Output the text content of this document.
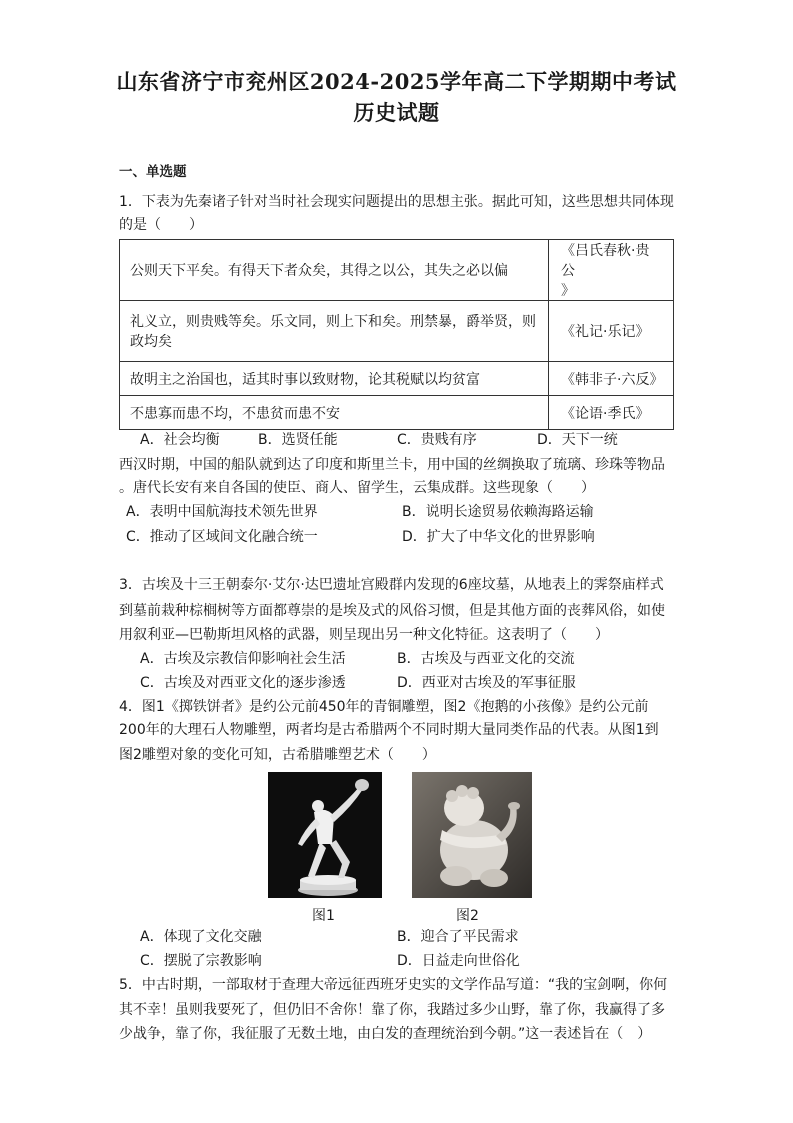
山东省济宁市兖州区2024-2025学年高二下学期期中考试
历史试题
一、单选题
1．下表为先秦诸子针对当时社会现实问题提出的思想主张。据此可知，这些思想共同体现
的是（　　）
公则天下平矣。有得天下者众矣，其得之以公，其失之必以偏	《吕氏春秋·贵公
》
礼义立，则贵贱等矣。乐文同，则上下和矣。刑禁暴，爵举贤，则
政均矣	《礼记·乐记》
故明主之治国也，适其时事以致财物，论其税赋以均贫富	《韩非子·六反》
不患寡而患不均，不患贫而患不安	《论语·季氏》
A．社会均衡	B．选贤任能	C．贵贱有序	D．天下一统
西汉时期，中国的船队就到达了印度和斯里兰卡，用中国的丝绸换取了琉璃、珍珠等物品
。唐代长安有来自各国的使臣、商人、留学生，云集成群。这些现象（　　）
A．表明中国航海技术领先世界	B．说明长途贸易依赖海路运输
C．推动了区域间文化融合统一	D．扩大了中华文化的世界影响
3．古埃及十三王朝泰尔·艾尔·达巴遗址宫殿群内发现的6座坟墓，从地表上的霁祭庙样式
到墓前栽种棕榈树等方面都尊崇的是埃及式的风俗习惯，但是其他方面的丧葬风俗，如使
用叙利亚—巴勒斯坦风格的武器，则呈现出另一种文化特征。这表明了（　　）
A．古埃及宗教信仰影响社会生活	B．古埃及与西亚文化的交流
C．古埃及对西亚文化的逐步渗透	D．西亚对古埃及的军事征服
4．图1《掷铁饼者》是约公元前450年的青铜雕塑，图2《抱鹅的小孩像》是约公元前
200年的大理石人物雕塑，两者均是古希腊两个不同时期大量同类作品的代表。从图1到
图2雕塑对象的变化可知，古希腊雕塑艺术（　　）
图1	图2
A．体现了文化交融	B．迎合了平民需求
C．摆脱了宗教影响	D．日益走向世俗化
5．中古时期，一部取材于查理大帝远征西班牙史实的文学作品写道：“我的宝剑啊，你何
其不幸！虽则我要死了，但仍旧不舍你！靠了你，我踏过多少山野，靠了你，我赢得了多
少战争，靠了你，我征服了无数土地，由白发的查理统治到今朝。”这一表述旨在（　）
